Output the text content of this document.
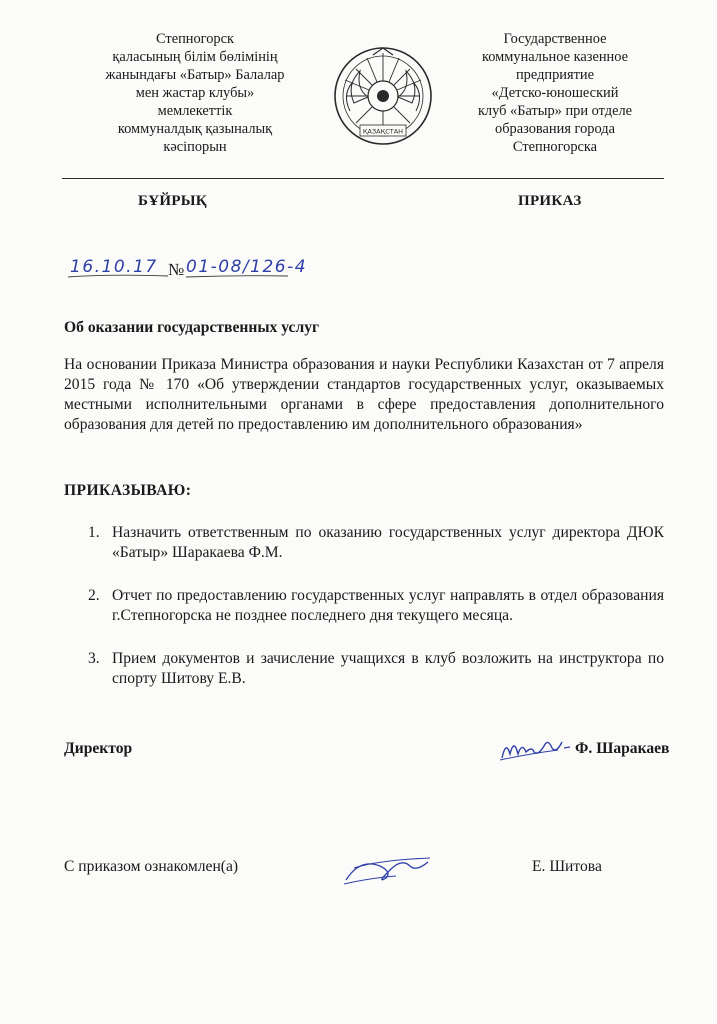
Степногорск
қаласының білім бөлімінің
жанындағы «Батыр» Балалар
мен жастар клубы»
мемлекеттік
коммуналдық қазыналық
кәсіпорын
ҚАЗАҚСТАН
Государственное
коммунальное казенное
предприятие
«Детско-юношеский
клуб «Батыр» при отделе
образования города
Степногорска
БҰЙРЫҚ	ПРИКАЗ
16.10.17 № 01-08/126-4
Об оказании государственных услуг
На основании Приказа Министра образования и науки Республики Казахстан от 7 апреля 2015 года № 170 «Об утверждении стандартов государственных услуг, оказываемых местными исполнительными органами в сфере предоставления дополнительного образования для детей по предоставлению им дополнительного образования»
ПРИКАЗЫВАЮ:
1. Назначить ответственным по оказанию государственных услуг директора ДЮК «Батыр» Шаракаева Ф.М.
2. Отчет по предоставлению государственных услуг направлять в отдел образования г.Степногорска не позднее последнего дня текущего месяца.
3. Прием документов и зачисление учащихся в клуб возложить на инструктора по спорту Шитову Е.В.
Директор	Ф. Шаракаев
С приказом ознакомлен(а)	Е. Шитова
